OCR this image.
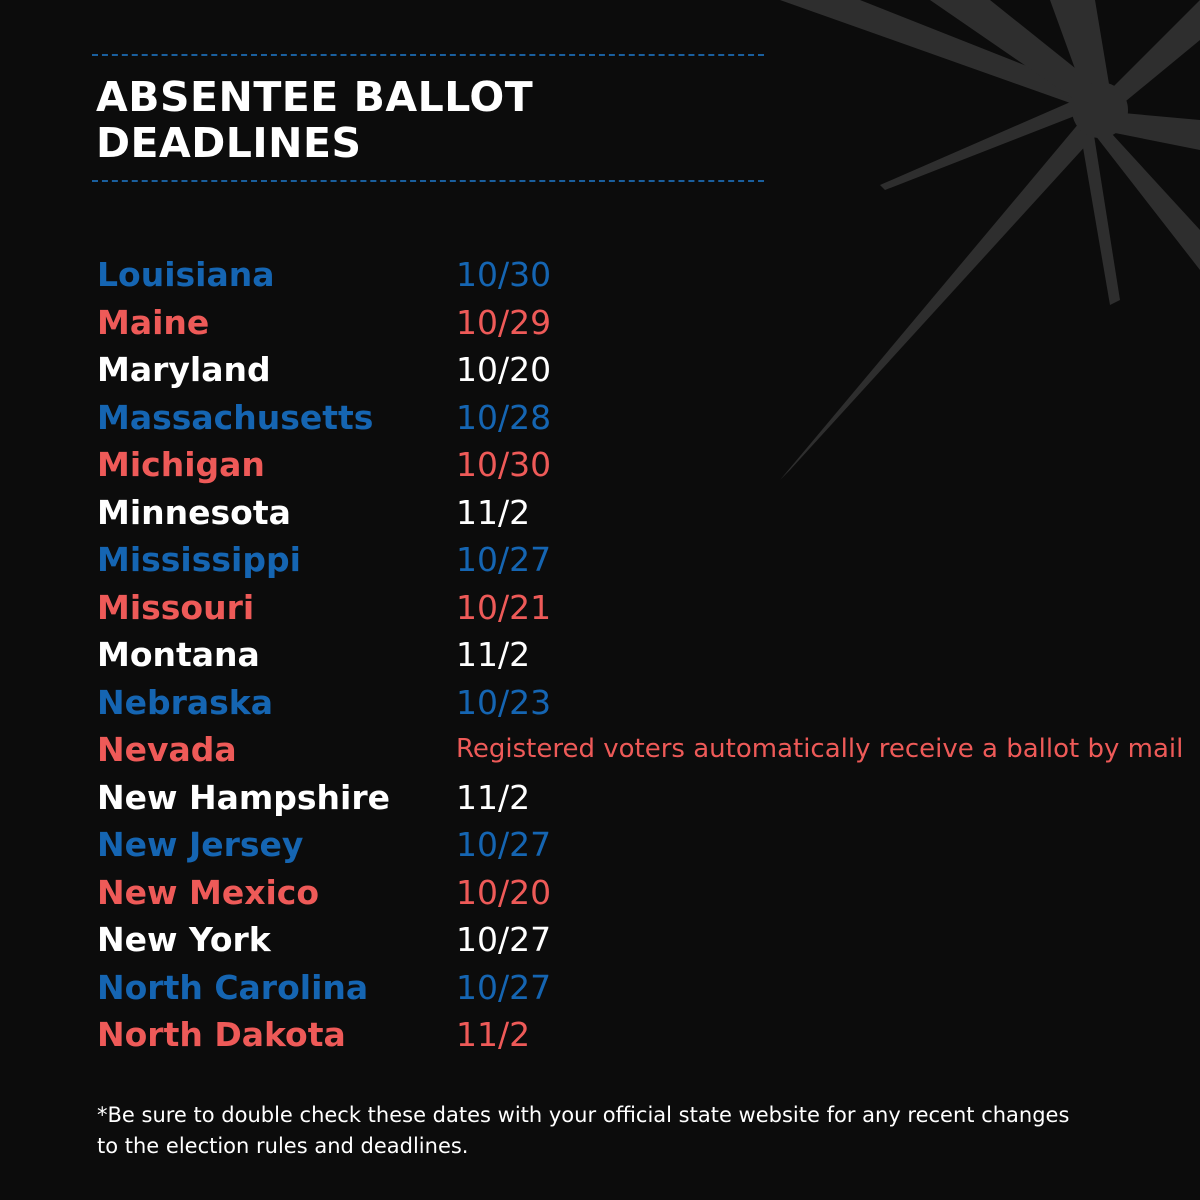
ABSENTEE BALLOT DEADLINES
Louisiana	10/30
Maine	10/29
Maryland	10/20
Massachusetts	10/28
Michigan	10/30
Minnesota	11/2
Mississippi	10/27
Missouri	10/21
Montana	11/2
Nebraska	10/23
Nevada	Registered voters automatically receive a ballot by mail
New Hampshire 11/2
New Jersey	10/27
New Mexico	10/20
New York	10/27
North Carolina	10/27
North Dakota	11/2
*Be sure to double check these dates with your official state website for any recent changes
to the election rules and deadlines.
